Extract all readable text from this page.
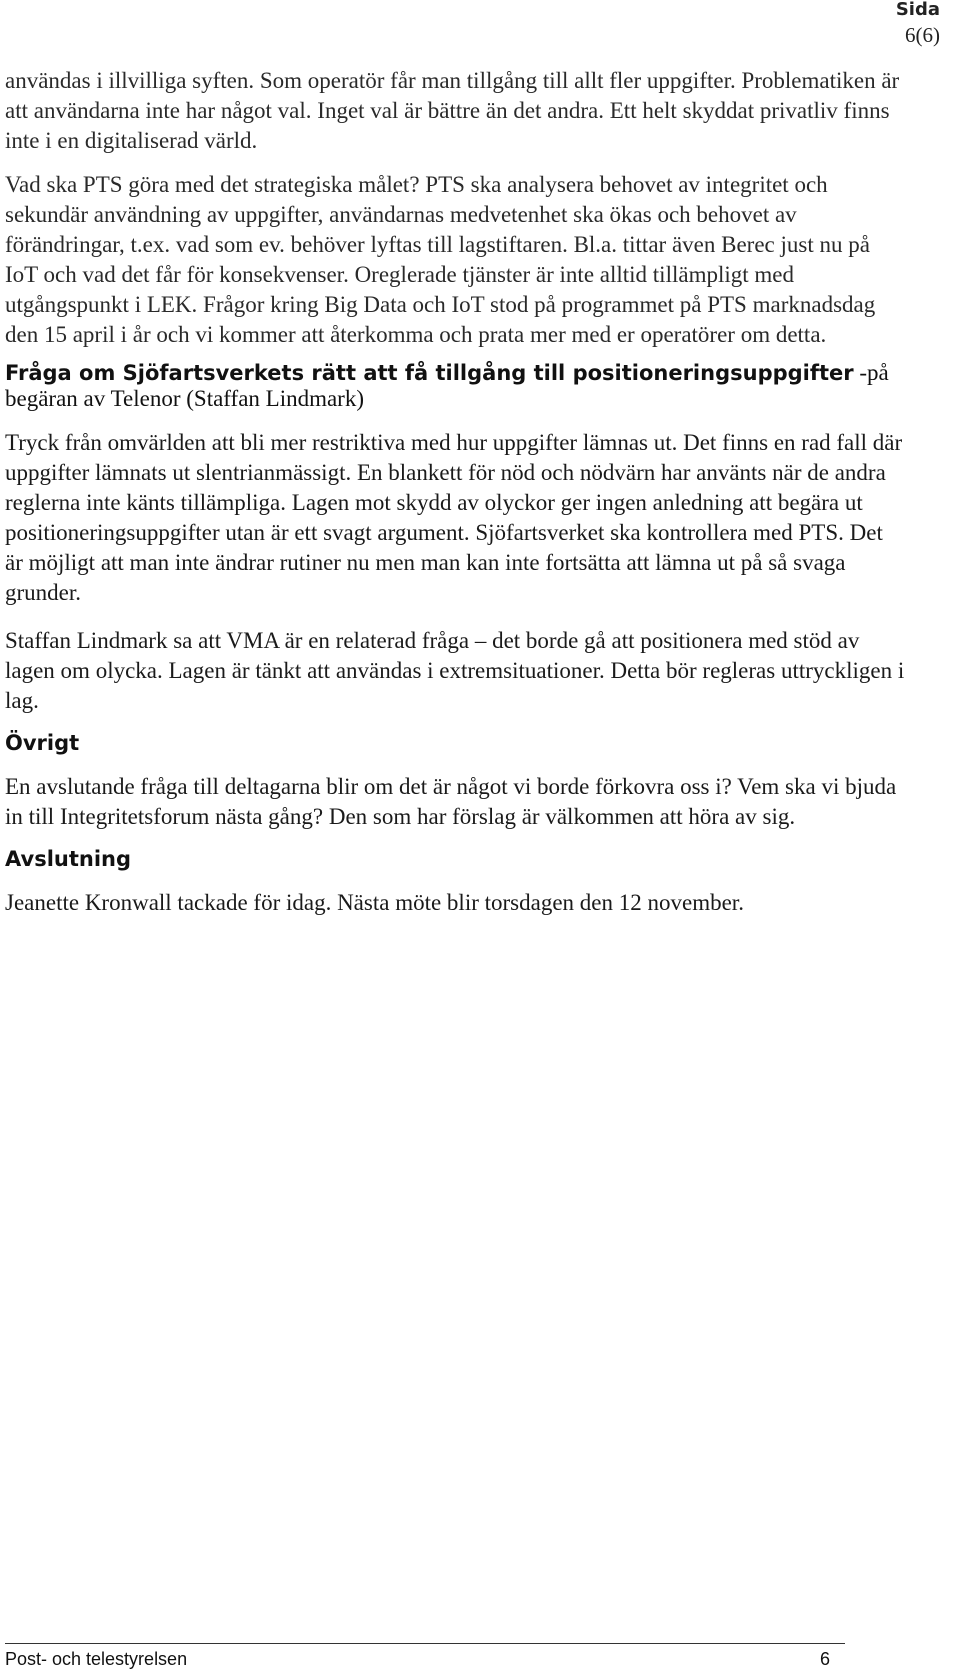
Sida
6(6)

användas i illvilliga syften. Som operatör får man tillgång till allt fler uppgifter. Problematiken är att användarna inte har något val. Inget val är bättre än det andra. Ett helt skyddat privatliv finns inte i en digitaliserad värld.

Vad ska PTS göra med det strategiska målet? PTS ska analysera behovet av integritet och sekundär användning av uppgifter, användarnas medvetenhet ska ökas och behovet av förändringar, t.ex. vad som ev. behöver lyftas till lagstiftaren. Bl.a. tittar även Berec just nu på IoT och vad det får för konsekvenser. Oreglerade tjänster är inte alltid tillämpligt med utgångspunkt i LEK. Frågor kring Big Data och IoT stod på programmet på PTS marknadsdag den 15 april i år och vi kommer att återkomma och prata mer med er operatörer om detta.

Fråga om Sjöfartsverkets rätt att få tillgång till positioneringsuppgifter -på begäran av Telenor (Staffan Lindmark)

Tryck från omvärlden att bli mer restriktiva med hur uppgifter lämnas ut. Det finns en rad fall där uppgifter lämnats ut slentrianmässigt. En blankett för nöd och nödvärn har använts när de andra reglerna inte känts tillämpliga. Lagen mot skydd av olyckor ger ingen anledning att begära ut positioneringsuppgifter utan är ett svagt argument. Sjöfartsverket ska kontrollera med PTS. Det är möjligt att man inte ändrar rutiner nu men man kan inte fortsätta att lämna ut på så svaga grunder.

Staffan Lindmark sa att VMA är en relaterad fråga – det borde gå att positionera med stöd av lagen om olycka. Lagen är tänkt att användas i extremsituationer. Detta bör regleras uttryckligen i lag.

Övrigt

En avslutande fråga till deltagarna blir om det är något vi borde förkovra oss i? Vem ska vi bjuda in till Integritetsforum nästa gång? Den som har förslag är välkommen att höra av sig.

Avslutning

Jeanette Kronwall tackade för idag. Nästa möte blir torsdagen den 12 november.

Post- och telestyrelsen	6
